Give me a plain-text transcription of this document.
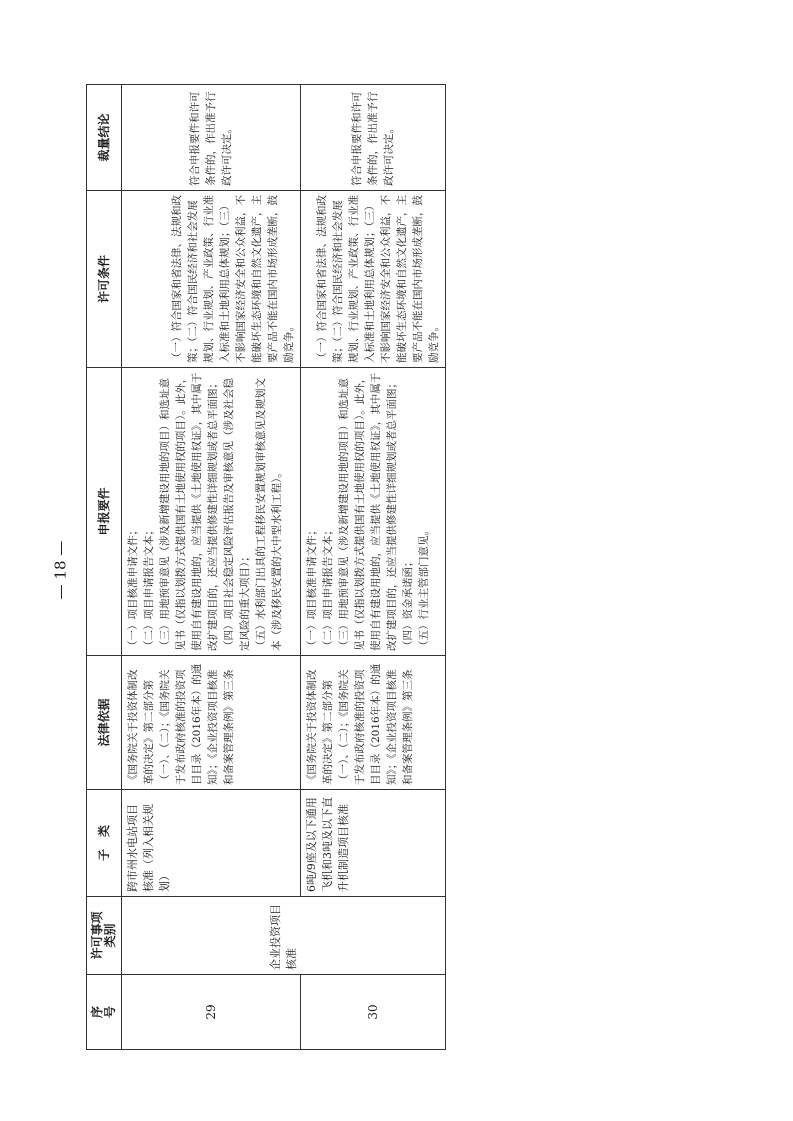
序 号	许可事项 类别	子　类	法律依据	申报要件	许可条件	裁量结论
29	企业投资项目核准	跨市州水电站项目核准（列入相关规划）	《国务院关于投资体制改革的决定》第二部分第（一）、（二）；《国务院关于发布政府核准的投资项目目录（2016年本）的通知》；《企业投资项目核准和备案管理条例》第三条	（一）项目核准申请文件； （二）项目申请报告文本； （三）用地预审意见（涉及新增建设用地的项目）和选址意见书（仅指以划拨方式提供国有土地使用权的项目）。此外，使用自有建设用地的，应当提供《土地使用权证》，其中属于改扩建项目的，还应当提供修建性详细规划或者总平面图； （四）项目社会稳定风险评估报告及审核意见（涉及社会稳定风险的重大项目）； （五）水利部门出具的工程移民安置规划审核意见及规划文本（涉及移民安置的大中型水利工程）。	（一）符合国家和省法律、法规和政策；（二）符合国民经济和社会发展规划、行业规划、产业政策、行业准入标准和土地利用总体规划；（三）不影响国家经济安全和公众利益，不能破坏生态环境和自然文化遗产，主要产品不能在国内市场形成垄断，鼓励竞争。	符合申报要件和许可条件的，作出准予行政许可决定。
30		6吨/9座及以下通用飞机和3吨及以下直升机制造项目核准	《国务院关于投资体制改革的决定》第二部分第（一）、（二）；《国务院关于发布政府核准的投资项目目录（2016年本）的通知》；《企业投资项目核准和备案管理条例》第三条	（一）项目核准申请文件； （二）项目申请报告文本； （三）用地预审意见（涉及新增建设用地的项目）和选址意见书（仅指以划拨方式提供国有土地使用权的项目）。此外，使用自有建设用地的，应当提供《土地使用权证》，其中属于改扩建项目的，还应当提供修建性详细规划或者总平面图； （四）资金承诺函； （五）行业主管部门意见。	（一）符合国家和省法律、法规和政策；（二）符合国民经济和社会发展规划、行业规划、产业政策、行业准入标准和土地利用总体规划；（三）不影响国家经济安全和公众利益，不能破坏生态环境和自然文化遗产，主要产品不能在国内市场形成垄断，鼓励竞争。	符合申报要件和许可条件的，作出准予行政许可决定。
— 18 —
